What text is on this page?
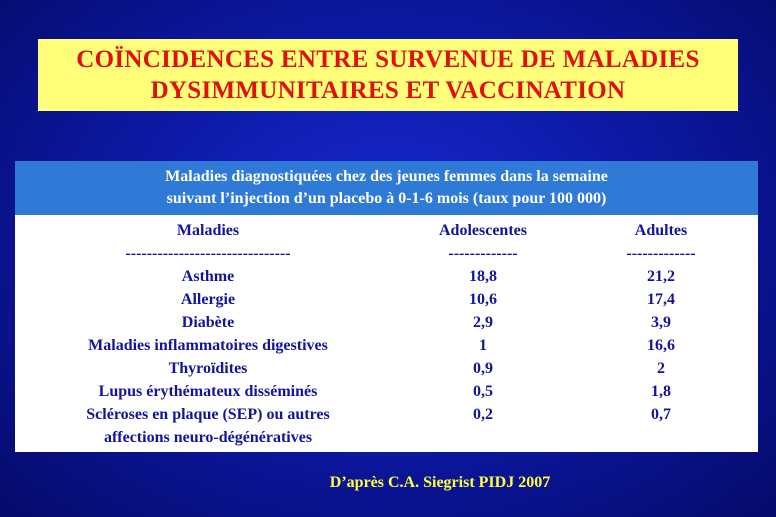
COÏNCIDENCES ENTRE SURVENUE DE MALADIES
DYSIMMUNITAIRES ET VACCINATION
Maladies diagnostiquées chez des jeunes femmes dans la semaine
suivant l’injection d’un placebo à 0-1-6 mois (taux pour 100 000)
Maladies	Adolescentes	Adultes
-------------------------------	-------------	-------------
Asthme	18,8	21,2
Allergie	10,6	17,4
Diabète	2,9	3,9
Maladies inflammatoires digestives	1	16,6
Thyroïdites	0,9	2
Lupus érythémateux disséminés	0,5	1,8
Scléroses en plaque (SEP) ou autres
affections neuro-dégénératives
0,2	0,7
D’après C.A. Siegrist PIDJ 2007
